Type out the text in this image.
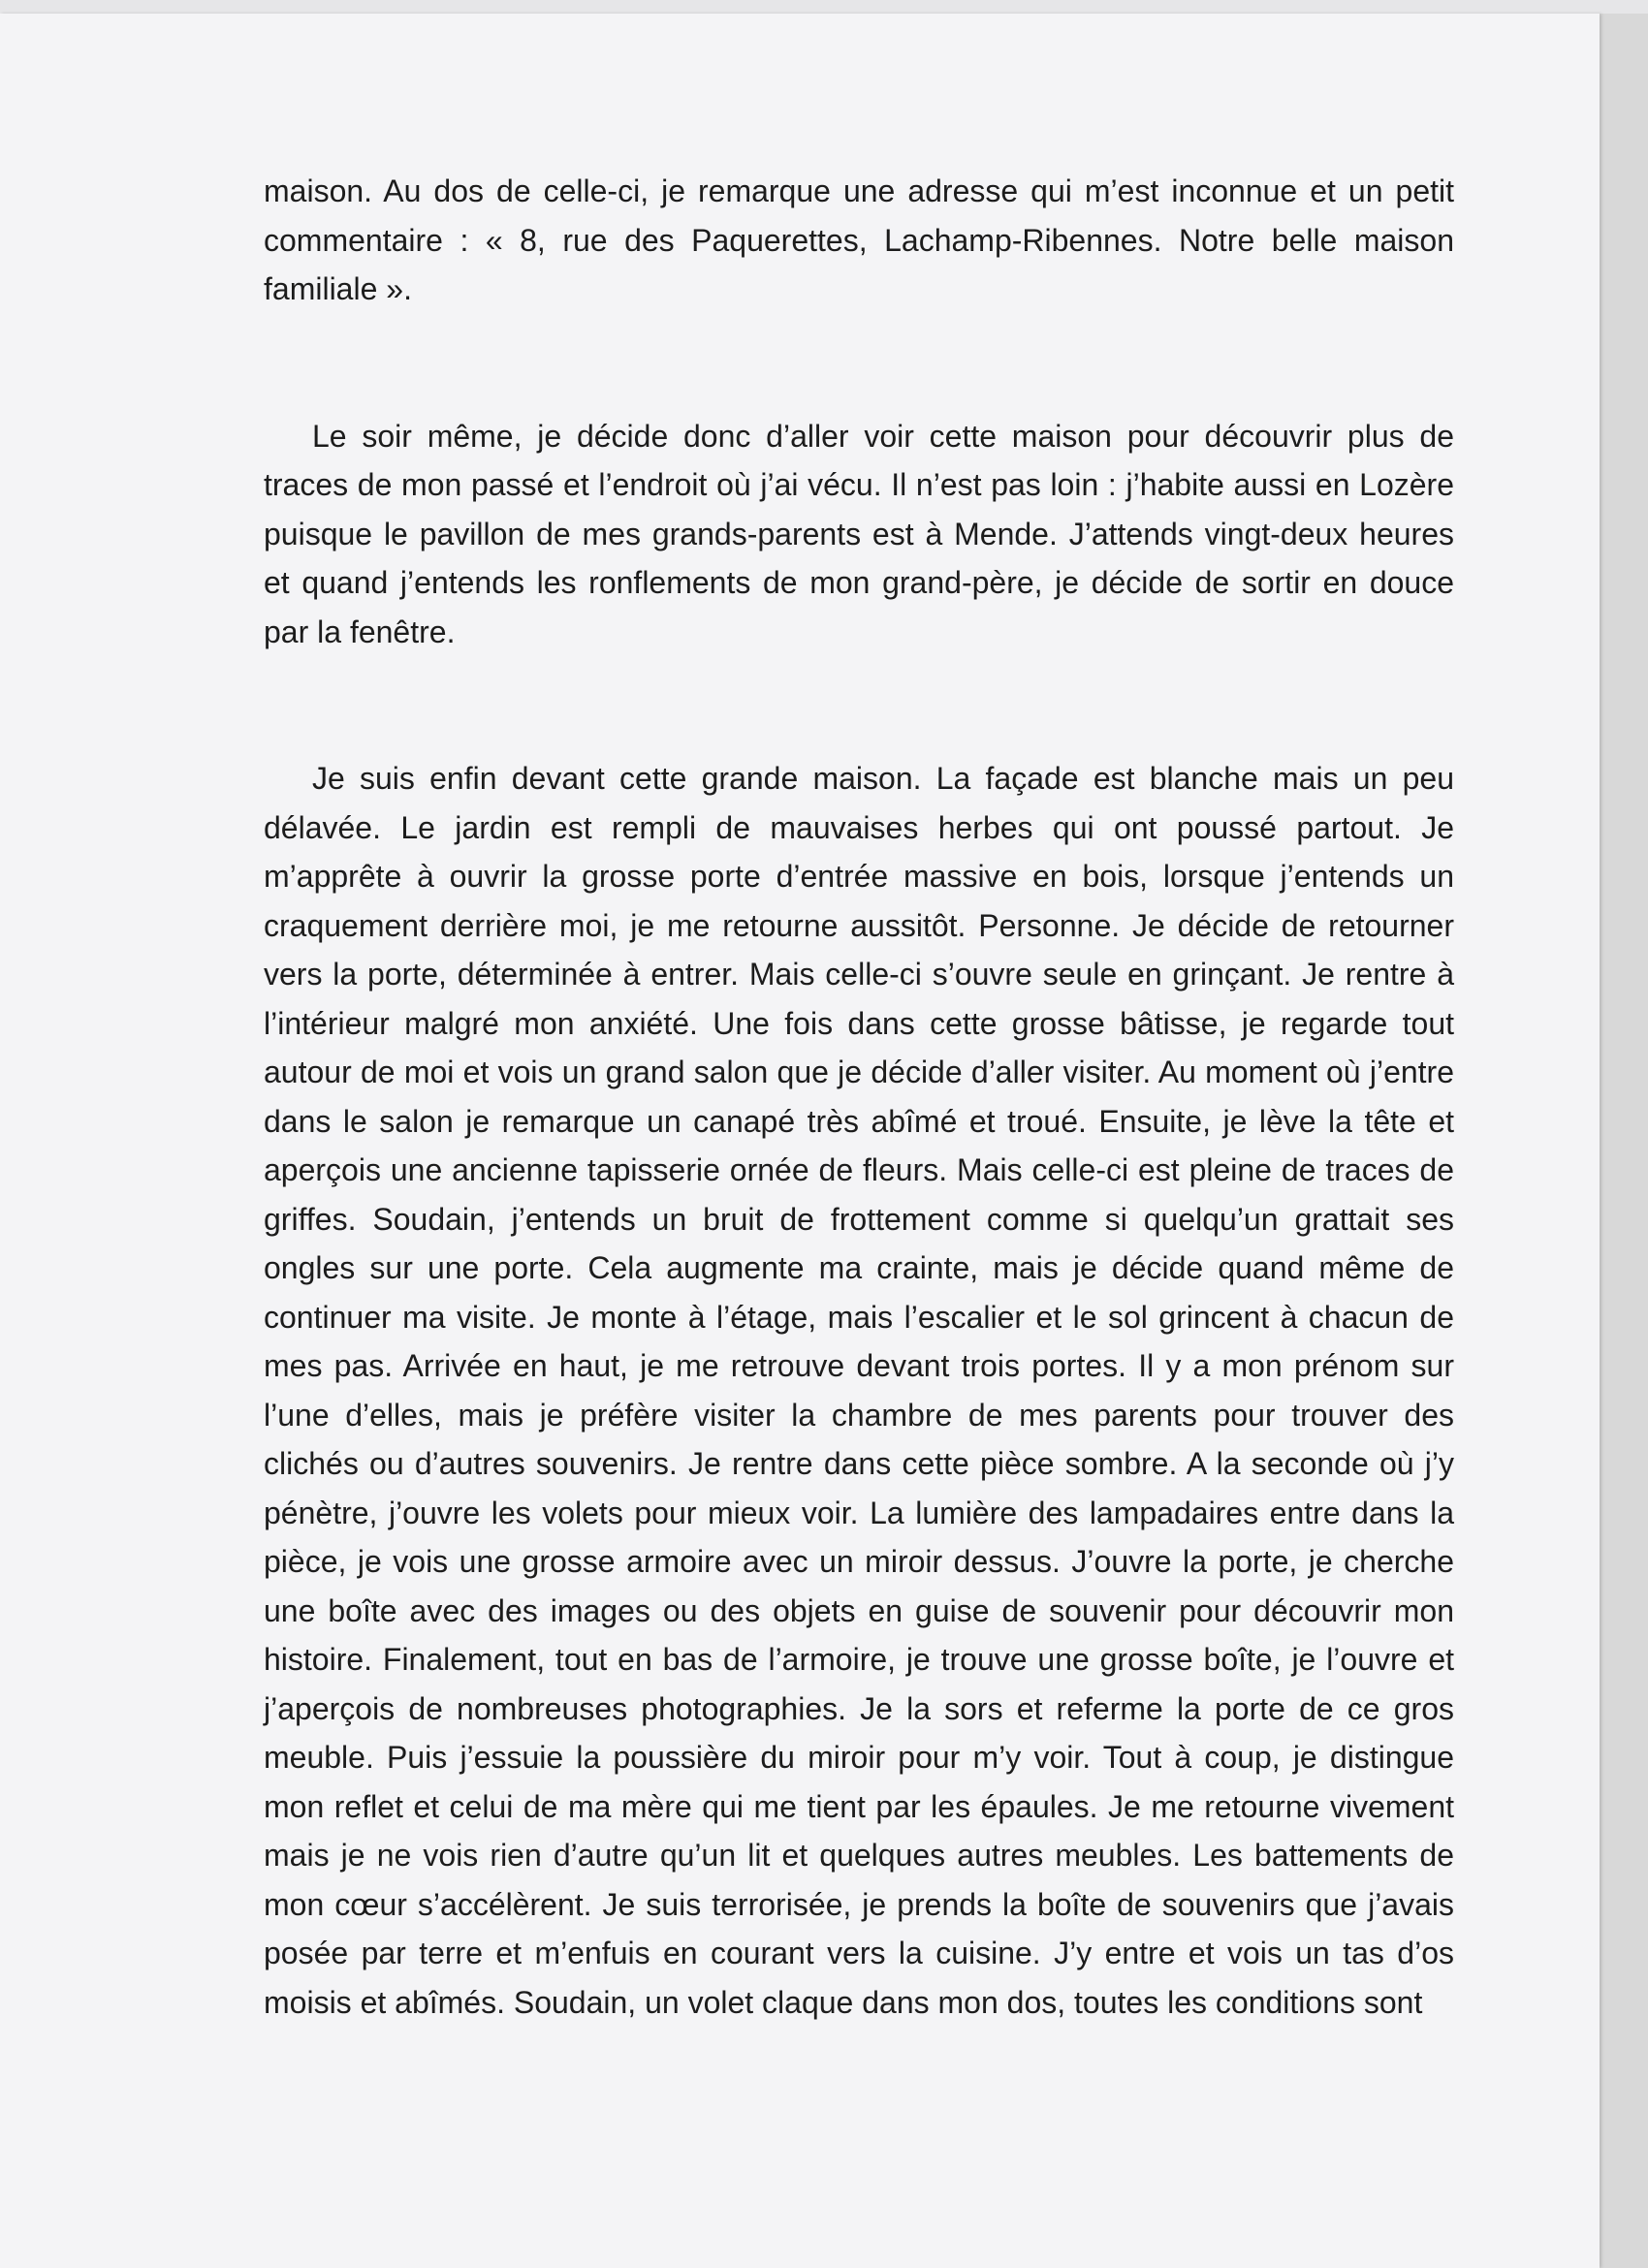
maison. Au dos de celle-ci, je remarque une adresse qui m’est inconnue et un petit commentaire : « 8, rue des Paquerettes, Lachamp-Ribennes. Notre belle maison familiale ».

Le soir même, je décide donc d’aller voir cette maison pour découvrir plus de traces de mon passé et l’endroit où j’ai vécu. Il n’est pas loin : j’habite aussi en Lozère puisque le pavillon de mes grands-parents est à Mende. J’attends vingt-deux heures et quand j’entends les ronflements de mon grand-père, je décide de sortir en douce par la fenêtre.

Je suis enfin devant cette grande maison. La façade est blanche mais un peu délavée. Le jardin est rempli de mauvaises herbes qui ont poussé partout. Je m’apprête à ouvrir la grosse porte d’entrée massive en bois, lorsque j’entends un craquement derrière moi, je me retourne aussitôt. Personne. Je décide de retourner vers la porte, déterminée à entrer. Mais celle-ci s’ouvre seule en grinçant. Je rentre à l’intérieur malgré mon anxiété. Une fois dans cette grosse bâtisse, je regarde tout autour de moi et vois un grand salon que je décide d’aller visiter. Au moment où j’entre dans le salon je remarque un canapé très abîmé et troué. Ensuite, je lève la tête et aperçois une ancienne tapisserie ornée de fleurs. Mais celle-ci est pleine de traces de griffes. Soudain, j’entends un bruit de frottement comme si quelqu’un grattait ses ongles sur une porte. Cela augmente ma crainte, mais je décide quand même de continuer ma visite. Je monte à l’étage, mais l’escalier et le sol grincent à chacun de mes pas. Arrivée en haut, je me retrouve devant trois portes. Il y a mon prénom sur l’une d’elles, mais je préfère visiter la chambre de mes parents pour trouver des clichés ou d’autres souvenirs. Je rentre dans cette pièce sombre. A la seconde où j’y pénètre, j’ouvre les volets pour mieux voir. La lumière des lampadaires entre dans la pièce, je vois une grosse armoire avec un miroir dessus. J’ouvre la porte, je cherche une boîte avec des images ou des objets en guise de souvenir pour découvrir mon histoire. Finalement, tout en bas de l’armoire, je trouve une grosse boîte, je l’ouvre et j’aperçois de nombreuses photographies. Je la sors et referme la porte de ce gros meuble. Puis j’essuie la poussière du miroir pour m’y voir. Tout à coup, je distingue mon reflet et celui de ma mère qui me tient par les épaules. Je me retourne vivement mais je ne vois rien d’autre qu’un lit et quelques autres meubles. Les battements de mon cœur s’accélèrent. Je suis terrorisée, je prends la boîte de souvenirs que j’avais posée par terre et m’enfuis en courant vers la cuisine. J’y entre et vois un tas d’os moisis et abîmés. Soudain, un volet claque dans mon dos, toutes les conditions sont
